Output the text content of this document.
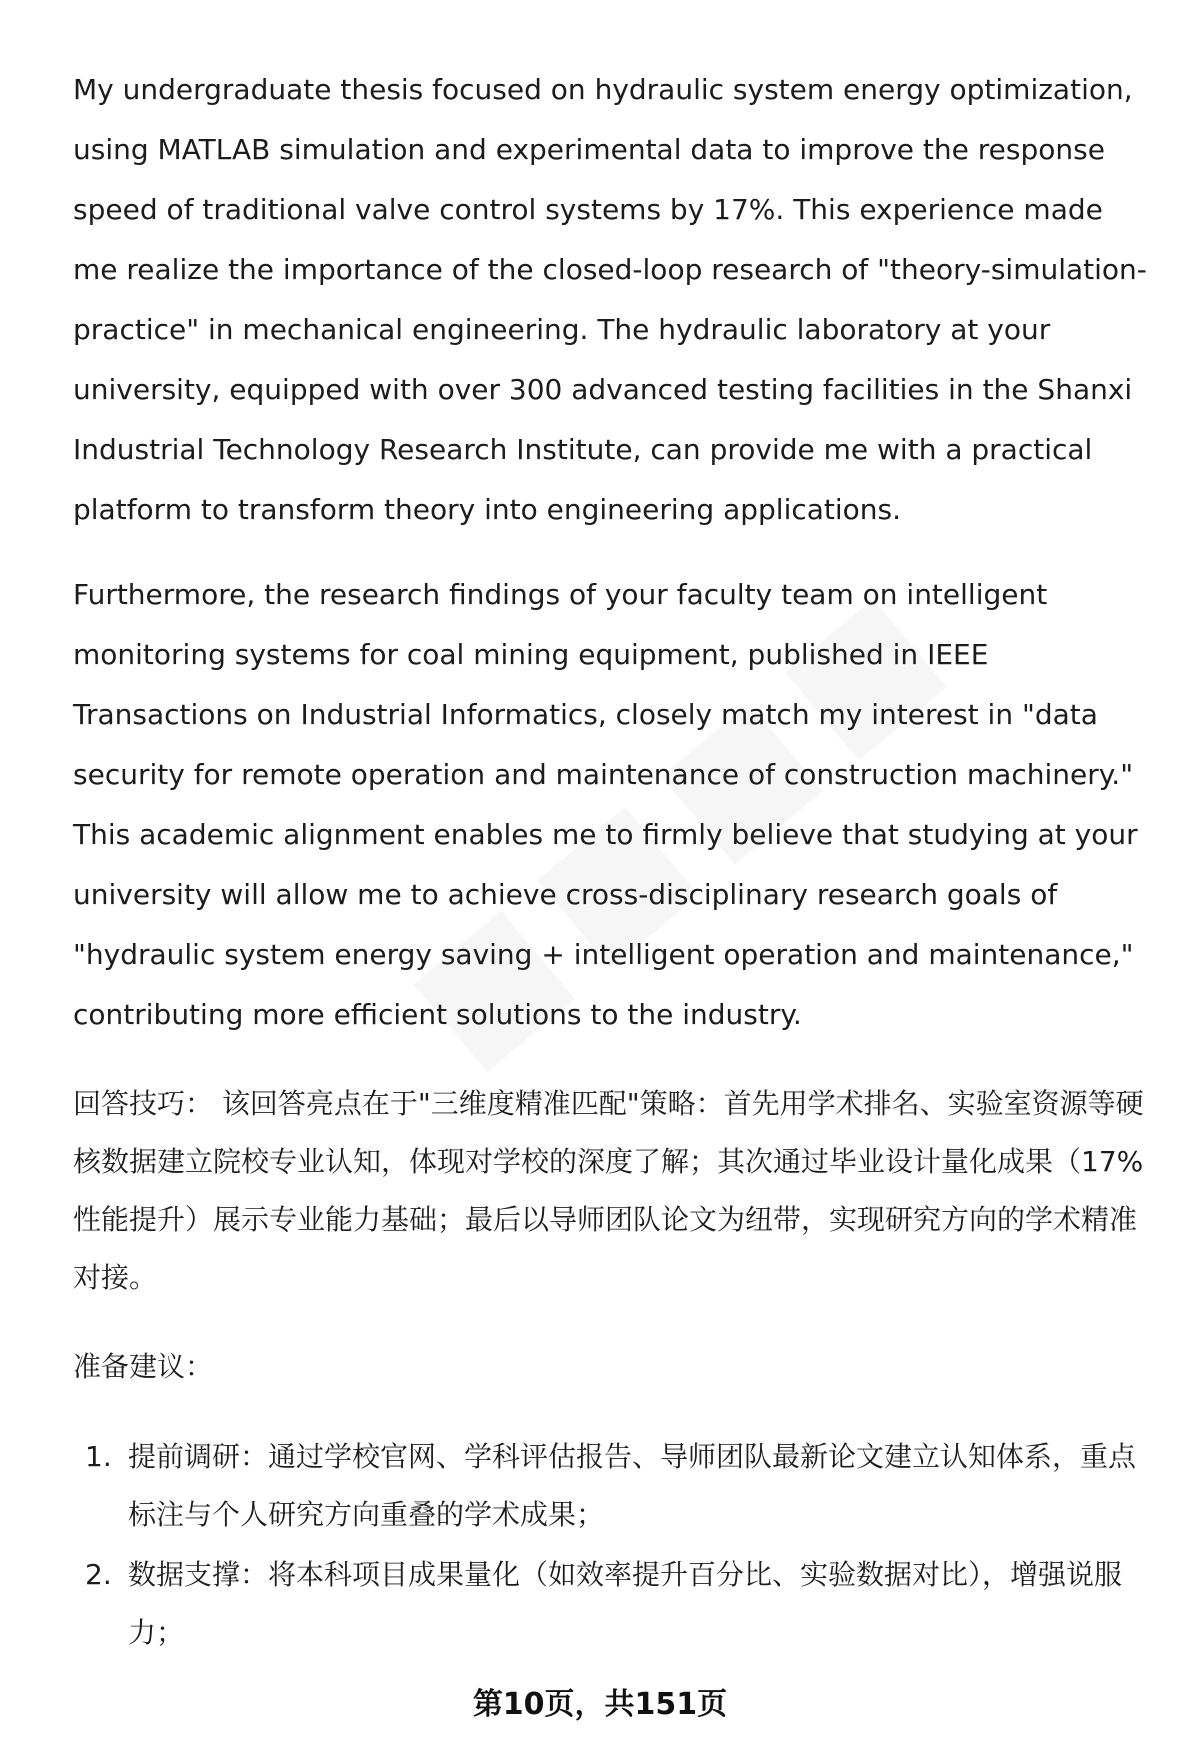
My undergraduate thesis focused on hydraulic system energy optimization, using MATLAB simulation and experimental data to improve the response speed of traditional valve control systems by 17%. This experience made me realize the importance of the closed-loop research of "theory-simulation-practice" in mechanical engineering. The hydraulic laboratory at your university, equipped with over 300 advanced testing facilities in the Shanxi Industrial Technology Research Institute, can provide me with a practical platform to transform theory into engineering applications.

Furthermore, the research findings of your faculty team on intelligent monitoring systems for coal mining equipment, published in IEEE Transactions on Industrial Informatics, closely match my interest in "data security for remote operation and maintenance of construction machinery." This academic alignment enables me to firmly believe that studying at your university will allow me to achieve cross-disciplinary research goals of "hydraulic system energy saving + intelligent operation and maintenance," contributing more efficient solutions to the industry.

回答技巧： 该回答亮点在于"三维度精准匹配"策略：首先用学术排名、实验室资源等硬核数据建立院校专业认知，体现对学校的深度了解；其次通过毕业设计量化成果（17%性能提升）展示专业能力基础；最后以导师团队论文为纽带，实现研究方向的学术精准对接。

准备建议：

1. 提前调研：通过学校官网、学科评估报告、导师团队最新论文建立认知体系，重点标注与个人研究方向重叠的学术成果；
2. 数据支撑：将本科项目成果量化（如效率提升百分比、实验数据对比），增强说服力；
第10页，共151页
